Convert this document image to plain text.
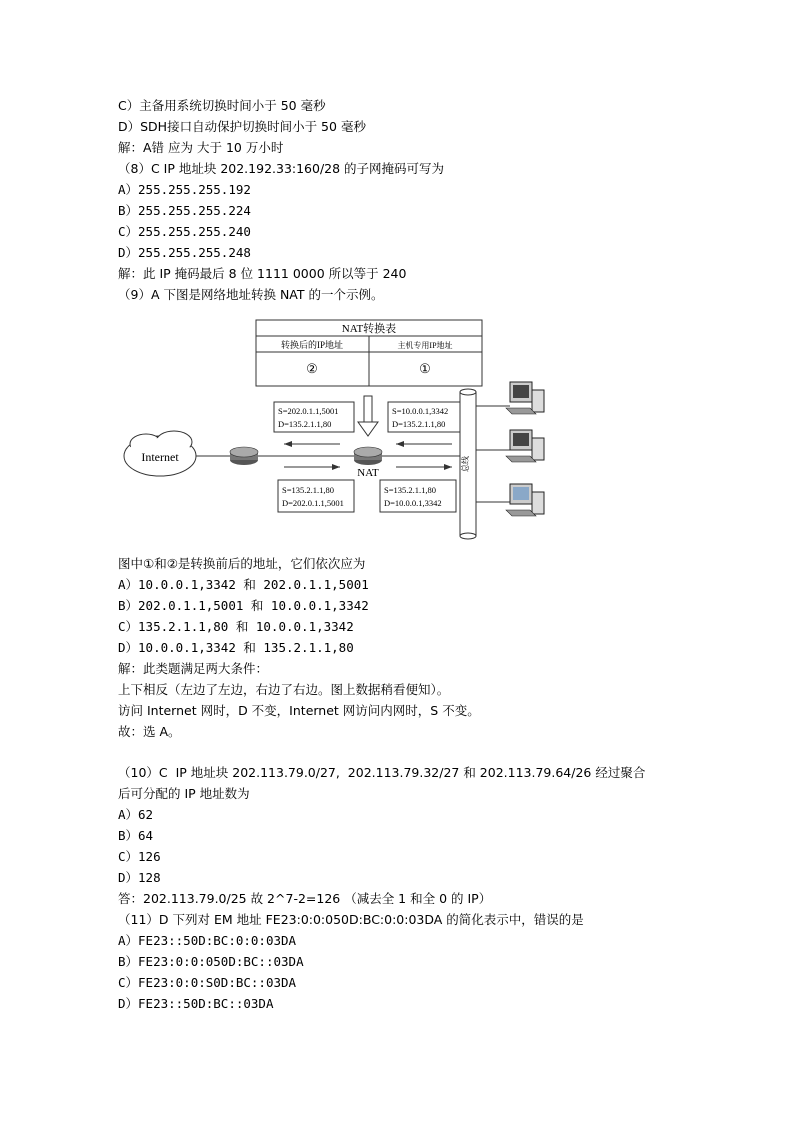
C）主备用系统切换时间小于 50 毫秒
D）SDH接口自动保护切换时间小于 50 毫秒
解：A错 应为 大于 10 万小时
（8）C IP 地址块 202.192.33:160/28 的子网掩码可写为
A）255.255.255.192
B）255.255.255.224
C）255.255.255.240
D）255.255.255.248
解：此 IP 掩码最后 8 位 1111 0000 所以等于 240
（9）A 下图是网络地址转换 NAT 的一个示例。
NAT转换表
转换后的IP地址	主机专用IP地址
②	①
S=202.0.1.1,5001
D=135.2.1.1,80
S=10.0.0.1,3342
D=135.2.1.1,80
S=135.2.1.1,80
D=202.0.1.1,5001
S=135.2.1.1,80
D=10.0.0.1,3342
Internet
NAT
总线
图中①和②是转换前后的地址，它们依次应为
A）10.0.0.1,3342 和 202.0.1.1,5001
B）202.0.1.1,5001 和 10.0.0.1,3342
C）135.2.1.1,80 和 10.0.0.1,3342
D）10.0.0.1,3342 和 135.2.1.1,80
解：此类题满足两大条件：
上下相反（左边了左边，右边了右边。图上数据稍看便知）。
访问 Internet 网时，D 不变，Internet 网访问内网时，S 不变。
故：选 A。
（10）C  IP 地址块 202.113.79.0/27,  202.113.79.32/27 和 202.113.79.64/26 经过聚合
后可分配的 IP 地址数为
A）62
B）64
C）126
D）128
答：202.113.79.0/25 故 2^7-2=126 （减去全 1 和全 0 的 IP）
（11）D 下列对 EM 地址 FE23:0:0:050D:BC:0:0:03DA 的简化表示中，错误的是
A）FE23::50D:BC:0:0:03DA
B）FE23:0:0:050D:BC::03DA
C）FE23:0:0:S0D:BC::03DA
D）FE23::50D:BC::03DA
